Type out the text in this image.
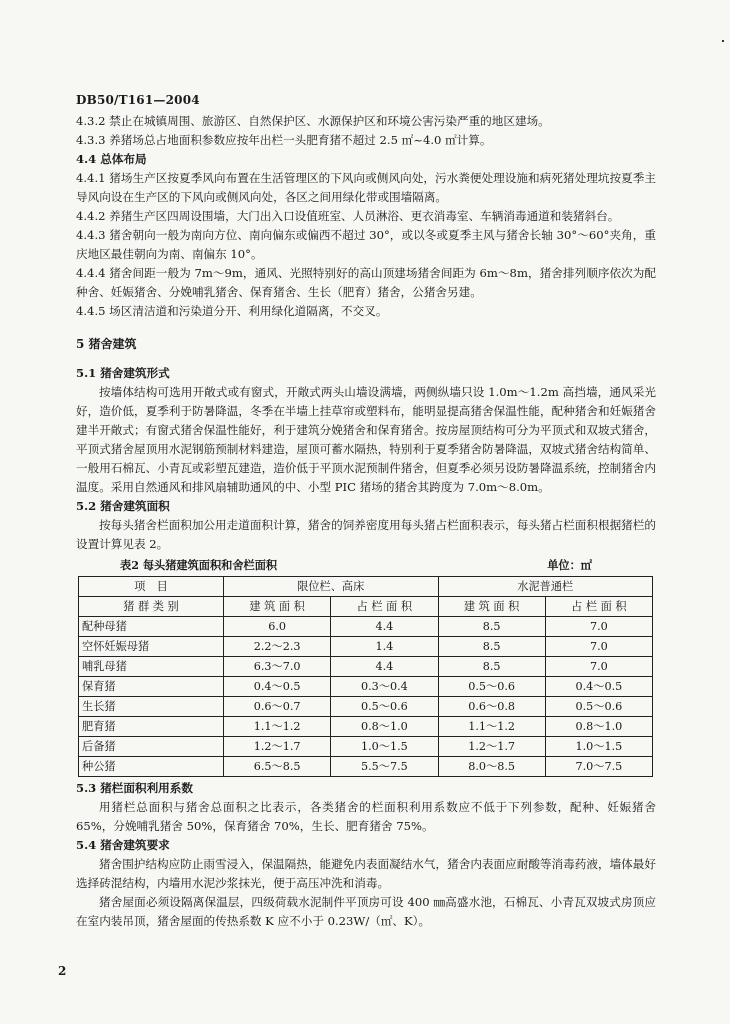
DB50/T161—2004

4.3.2 禁止在城镇周围、旅游区、自然保护区、水源保护区和环境公害污染严重的地区建场。

4.3.3 养猪场总占地面积参数应按年出栏一头肥育猪不超过 2.5 ㎡~4.0 ㎡计算。

4.4 总体布局

4.4.1 猪场生产区按夏季风向布置在生活管理区的下风向或侧风向处，污水粪便处理设施和病死猪处理坑按夏季主导风向设在生产区的下风向或侧风向处，各区之间用绿化带或围墙隔离。

4.4.2 养猪生产区四周设围墙，大门出入口设值班室、人员淋浴、更衣消毒室、车辆消毒通道和装猪斜台。

4.4.3 猪舍朝向一般为南向方位、南向偏东或偏西不超过 30°，或以冬或夏季主风与猪舍长轴 30°～60°夹角，重庆地区最佳朝向为南、南偏东 10°。

4.4.4 猪舍间距一般为 7m～9m，通风、光照特别好的高山顶建场猪舍间距为 6m～8m，猪舍排列顺序依次为配种舍、妊娠猪舍、分娩哺乳猪舍、保育猪舍、生长（肥育）猪舍，公猪舍另建。

4.4.5 场区清洁道和污染道分开、利用绿化道隔离，不交叉。

5 猪舍建筑

5.1 猪舍建筑形式

按墙体结构可选用开敞式或有窗式，开敞式两头山墙设满墙，两侧纵墙只设 1.0m～1.2m 高挡墙，通风采光好，造价低，夏季利于防暑降温，冬季在半墙上挂草帘或塑料布，能明显提高猪舍保温性能，配种猪舍和妊娠猪舍建半开敞式；有窗式猪舍保温性能好，利于建筑分娩猪舍和保育猪舍。按房屋顶结构可分为平顶式和双坡式猪舍，平顶式猪舍屋顶用水泥钢筋预制材料建造，屋顶可蓄水隔热，特别利于夏季猪舍防暑降温，双坡式猪舍结构简单、一般用石棉瓦、小青瓦或彩塑瓦建造，造价低于平顶水泥预制件猪舍，但夏季必须另设防暑降温系统，控制猪舍内温度。采用自然通风和排风扇辅助通风的中、小型 PIC 猪场的猪舍其跨度为 7.0m～8.0m。

5.2 猪舍建筑面积

按每头猪舍栏面积加公用走道面积计算，猪舍的饲养密度用每头猪占栏面积表示，每头猪占栏面积根据猪栏的设置计算见表 2。

表2 每头猪建筑面积和舍栏面积	单位：㎡
项　目	限位栏、高床		水泥普通栏	
猪 群 类 别	建 筑 面 积	占 栏 面 积	建 筑 面 积	占 栏 面 积
配种母猪	6.0	4.4	8.5	7.0
空怀妊娠母猪	2.2～2.3	1.4	8.5	7.0
哺乳母猪	6.3～7.0	4.4	8.5	7.0
保育猪	0.4～0.5	0.3～0.4	0.5～0.6	0.4～0.5
生长猪	0.6～0.7	0.5～0.6	0.6～0.8	0.5～0.6
肥育猪	1.1～1.2	0.8～1.0	1.1～1.2	0.8～1.0
后备猪	1.2～1.7	1.0～1.5	1.2～1.7	1.0～1.5
种公猪	6.5～8.5	5.5～7.5	8.0～8.5	7.0～7.5

5.3 猪栏面积利用系数

用猪栏总面积与猪舍总面积之比表示，各类猪舍的栏面积利用系数应不低于下列参数，配种、妊娠猪舍 65%，分娩哺乳猪舍 50%，保育猪舍 70%，生长、肥育猪舍 75%。

5.4 猪舍建筑要求

猪舍围护结构应防止雨雪浸入，保温隔热，能避免内表面凝结水气，猪舍内表面应耐酸等消毒药液，墙体最好选择砖混结构，内墙用水泥沙浆抹光，便于高压冲洗和消毒。

猪舍屋面必须设隔离保温层，四级荷载水泥制件平顶房可设 400 ㎜高盛水池，石棉瓦、小青瓦双坡式房顶应在室内装吊顶，猪舍屋面的传热系数 K 应不小于 0.23W/（㎡、K）。

2
